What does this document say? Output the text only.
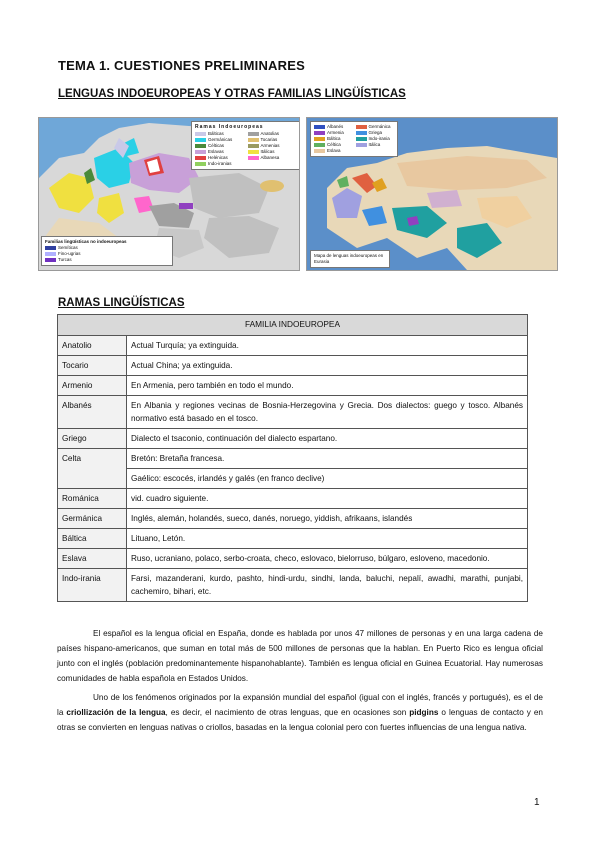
TEMA 1. CUESTIONES PRELIMINARES
LENGUAS INDOEUROPEAS Y OTRAS FAMILIAS LINGÜÍSTICAS
Ramas Indoeuropeas
Bálticas	Anatolias
Germánicas	Tocarias
Célticas	Armenias
Eslavas	Itálicas
Helénicas	Albanesa
Indo-iranias
Familias lingüísticas no indoeuropeas
Semíticas
Fino-ugrias
Turcas
Albanés	Germánica
Armenia	Griega
Báltica	Indo-irania
Céltica	Itálica
Eslava
Mapa de lenguas indoeuropeas en Eurasia
RAMAS LINGÜÍSTICAS
FAMILIA INDOEUROPEA	
Anatolio	Actual Turquía; ya extinguida.
Tocario	Actual China; ya extinguida.
Armenio	En Armenia, pero también en todo el mundo.
Albanés	En Albania y regiones vecinas de Bosnia-Herzegovina y Grecia. Dos dialectos: guego y tosco. Albanés normativo está basado en el tosco.
Griego	Dialecto el tsaconio, continuación del dialecto espartano.
Celta	Bretón: Bretaña francesa.
	Gaélico: escocés, irlandés y galés (en franco declive)
Románica	vid. cuadro siguiente.
Germánica	Inglés, alemán, holandés, sueco, danés, noruego, yiddish, afrikaans, islandés
Báltica	Lituano, Letón.
Eslava	Ruso, ucraniano, polaco, serbo-croata, checo, eslovaco, bielorruso, búlgaro, esloveno, macedonio.
Indo-irania	Farsi, mazanderani, kurdo, pashto, hindi-urdu, sindhi, landa, baluchi, nepalí, awadhi, marathi, punjabi, cachemiro, bihari, etc.
El español es la lengua oficial en España, donde es hablada por unos 47 millones de personas y en una larga cadena de países hispano-americanos, que suman en total más de 500 millones de personas que la hablan. En Puerto Rico es lengua oficial junto con el inglés (población predominantemente hispanohablante). También es lengua oficial en Guinea Ecuatorial. Hay numerosas comunidades de habla española en Estados Unidos.
Uno de los fenómenos originados por la expansión mundial del español (igual con el inglés, francés y portugués), es el de la criollización de la lengua, es decir, el nacimiento de otras lenguas, que en ocasiones son pidgins o lenguas de contacto y en otras se convierten en lenguas nativas o criollos, basadas en la lengua colonial pero con fuertes influencias de una lengua nativa.
1
